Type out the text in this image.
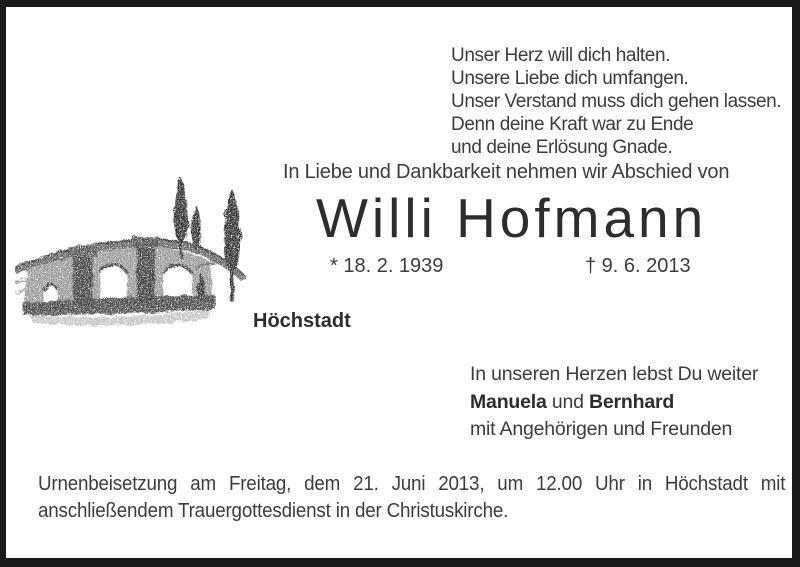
Unser Herz will dich halten.
Unsere Liebe dich umfangen.
Unser Verstand muss dich gehen lassen.
Denn deine Kraft war zu Ende
und deine Erlösung Gnade.
In Liebe und Dankbarkeit nehmen wir Abschied von
Willi Hofmann
* 18. 2. 1939	† 9. 6. 2013
Höchstadt
In unseren Herzen lebst Du weiter
Manuela und Bernhard
mit Angehörigen und Freunden
Urnenbeisetzung am Freitag, dem 21. Juni 2013, um 12.00 Uhr in Höchstadt mit
anschließendem Trauergottesdienst in der Christuskirche.
